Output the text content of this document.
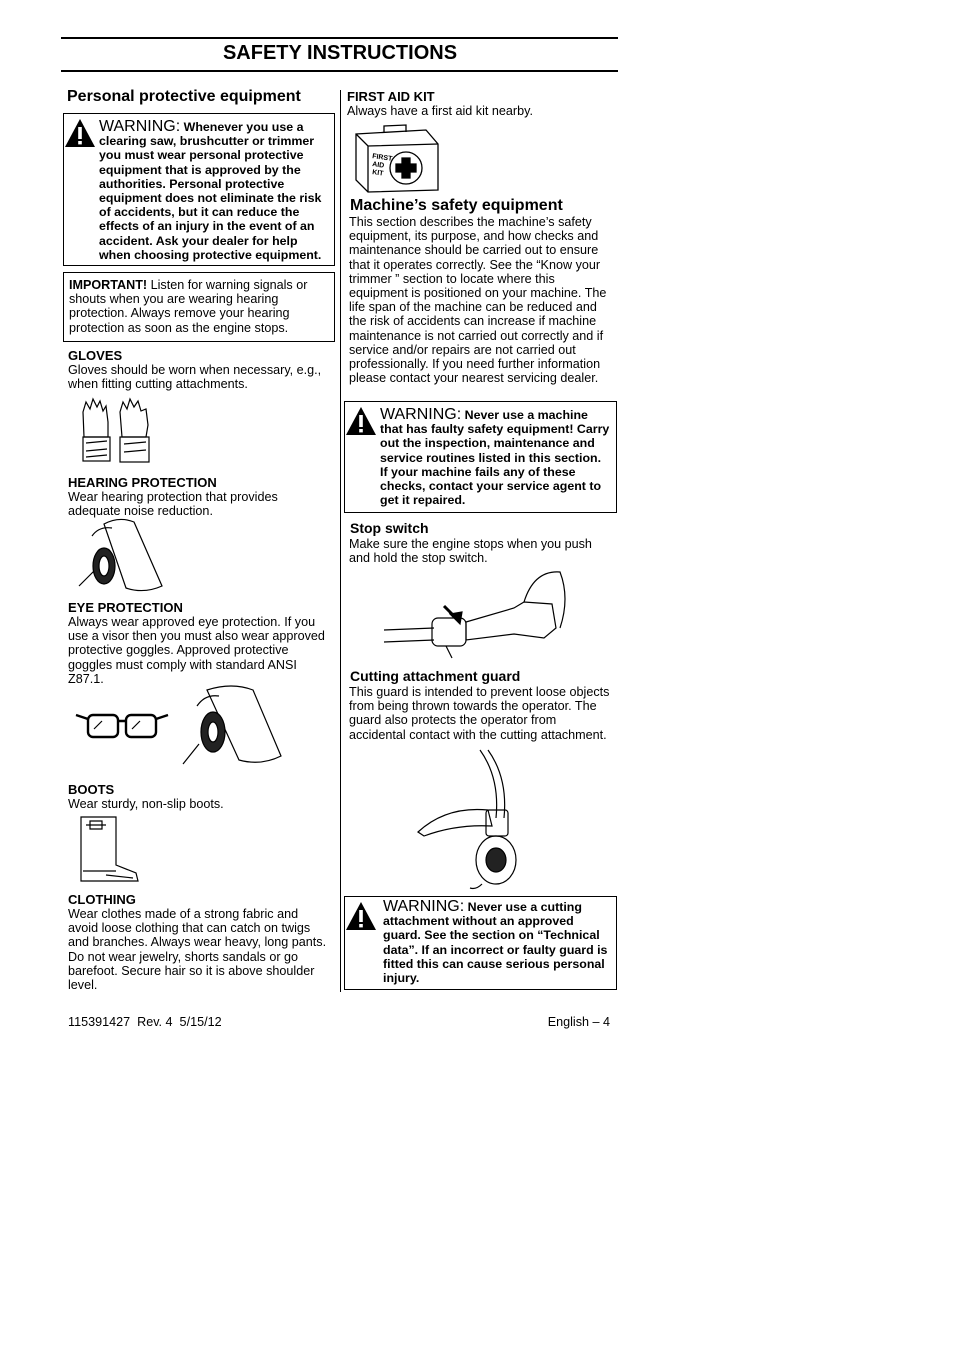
SAFETY INSTRUCTIONS
Personal protective equipment
WARNING: Whenever you use a clearing saw, brushcutter or trimmer you must wear personal protective equipment that is approved by the authorities. Personal protective equipment does not eliminate the risk of accidents, but it can reduce the effects of an injury in the event of an accident. Ask your dealer for help when choosing protective equipment.
IMPORTANT! Listen for warning signals or shouts when you are wearing hearing protection. Always remove your hearing protection as soon as the engine stops.
GLOVES
Gloves should be worn when necessary, e.g., when fitting cutting attachments.
HEARING PROTECTION
Wear hearing protection that provides adequate noise reduction.
EYE PROTECTION
Always wear approved eye protection. If you use a visor then you must also wear approved protective goggles. Approved protective goggles must comply with standard ANSI Z87.1.
BOOTS
Wear sturdy, non-slip boots.
CLOTHING
Wear clothes made of a strong fabric and avoid loose clothing that can catch on twigs and branches. Always wear heavy, long pants. Do not wear jewelry, shorts sandals or go barefoot. Secure hair so it is above shoulder level.
FIRST AID KIT
Always have a first aid kit nearby.
FIRST
AID
KIT
Machine’s safety equipment
This section describes the machine’s safety equipment, its purpose, and how checks and maintenance should be carried out to ensure that it operates correctly. See the “Know your trimmer ” section to locate where this equipment is positioned on your machine. The life span of the machine can be reduced and the risk of accidents can increase if machine maintenance is not carried out correctly and if service and/or repairs are not carried out professionally. If you need further information please contact your nearest servicing dealer.
WARNING: Never use a machine that has faulty safety equipment! Carry out the inspection, maintenance and service routines listed in this section. If your machine fails any of these checks, contact your service agent to get it repaired.
Stop switch
Make sure the engine stops when you push and hold the stop switch.
Cutting attachment guard
This guard is intended to prevent loose objects from being thrown towards the operator. The guard also protects the operator from accidental contact with the cutting attachment.
WARNING: Never use a cutting attachment without an approved guard. See the section on “Technical data”. If an incorrect or faulty guard is fitted this can cause serious personal injury.
115391427  Rev. 4  5/15/12	English – 4
